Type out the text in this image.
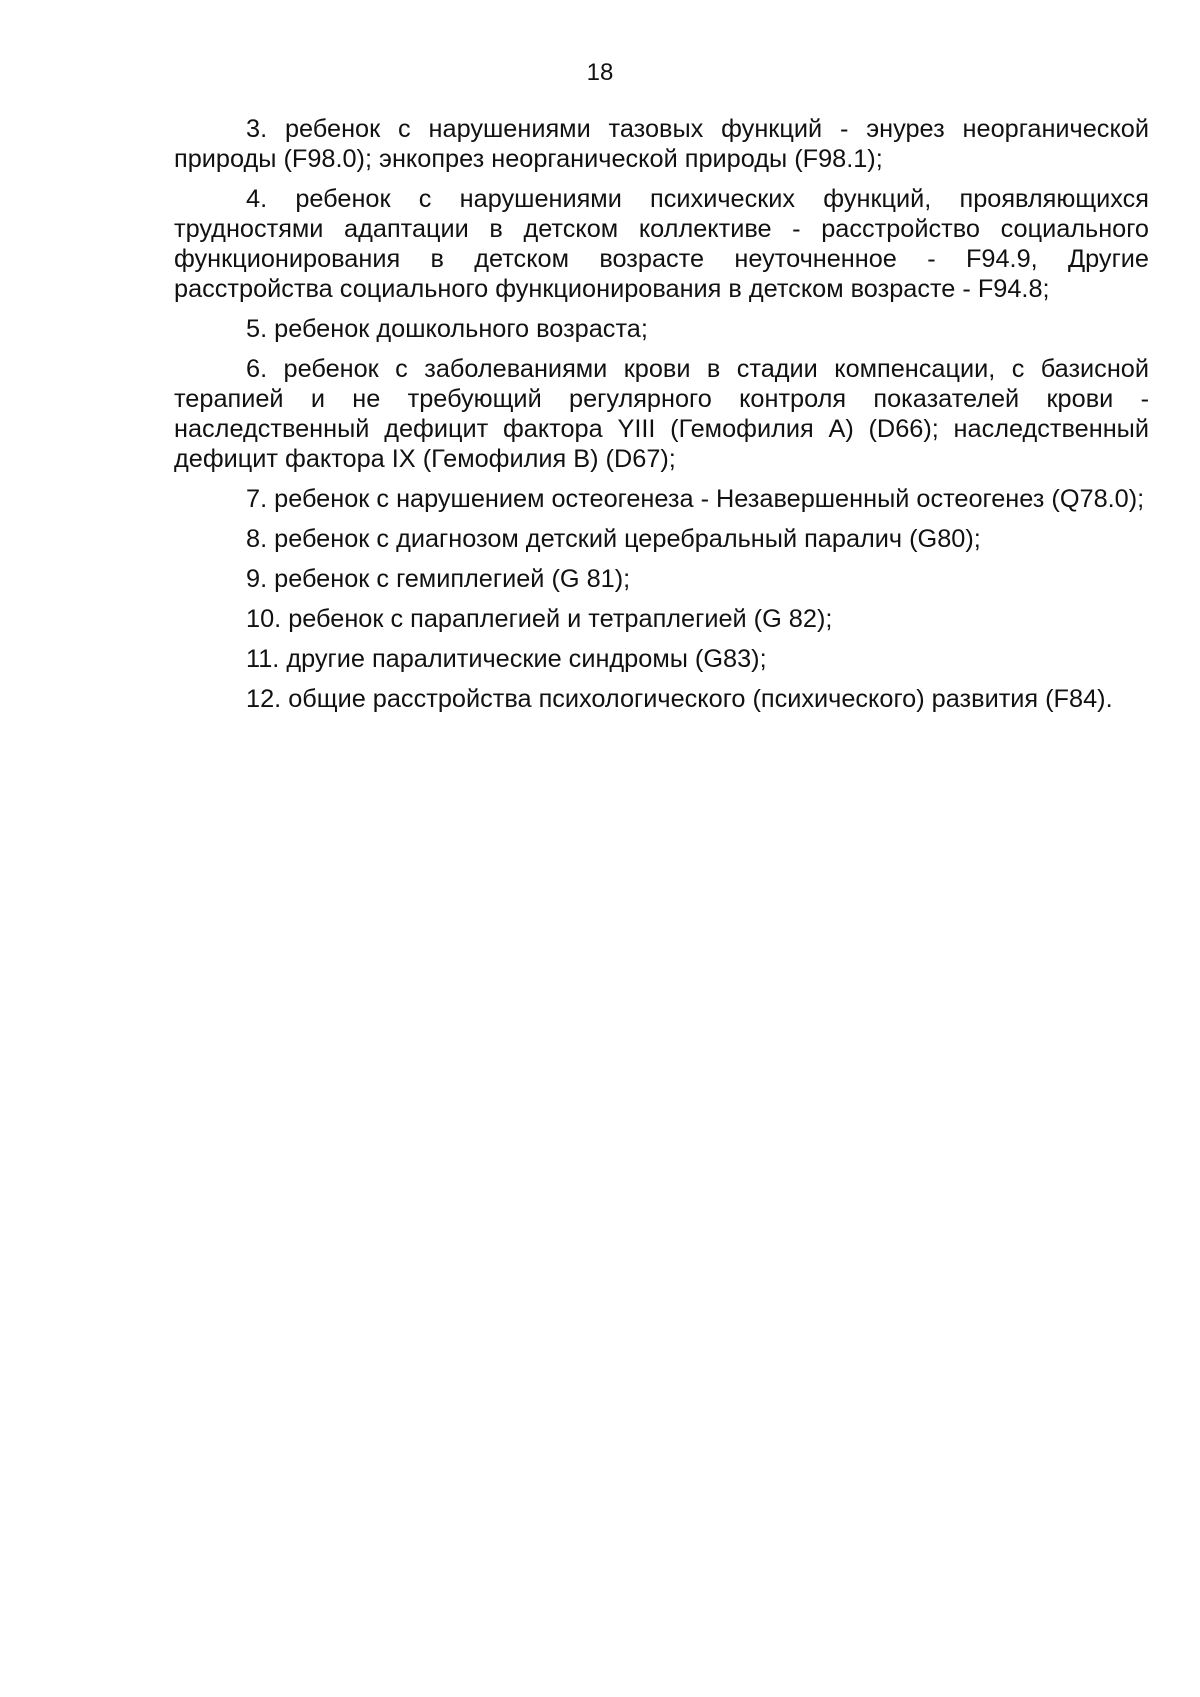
18

3. ребенок с нарушениями тазовых функций - энурез неорганической природы (F98.0); энкопрез неорганической природы (F98.1);

4. ребенок с нарушениями психических функций, проявляющихся трудностями адаптации в детском коллективе - расстройство социального функционирования в детском возрасте неуточненное - F94.9, Другие расстройства социального функционирования в детском возрасте - F94.8;

5. ребенок дошкольного возраста;

6. ребенок с заболеваниями крови в стадии компенсации, с базисной терапией и не требующий регулярного контроля показателей крови - наследственный дефицит фактора YIII (Гемофилия А) (D66); наследственный дефицит фактора IX (Гемофилия В) (D67);

7. ребенок с нарушением остеогенеза - Незавершенный остеогенез (Q78.0);

8. ребенок с диагнозом детский церебральный паралич (G80);

9. ребенок с гемиплегией (G 81);

10. ребенок с параплегией и тетраплегией (G 82);

11. другие паралитические синдромы (G83);

12. общие расстройства психологического (психического) развития (F84).
